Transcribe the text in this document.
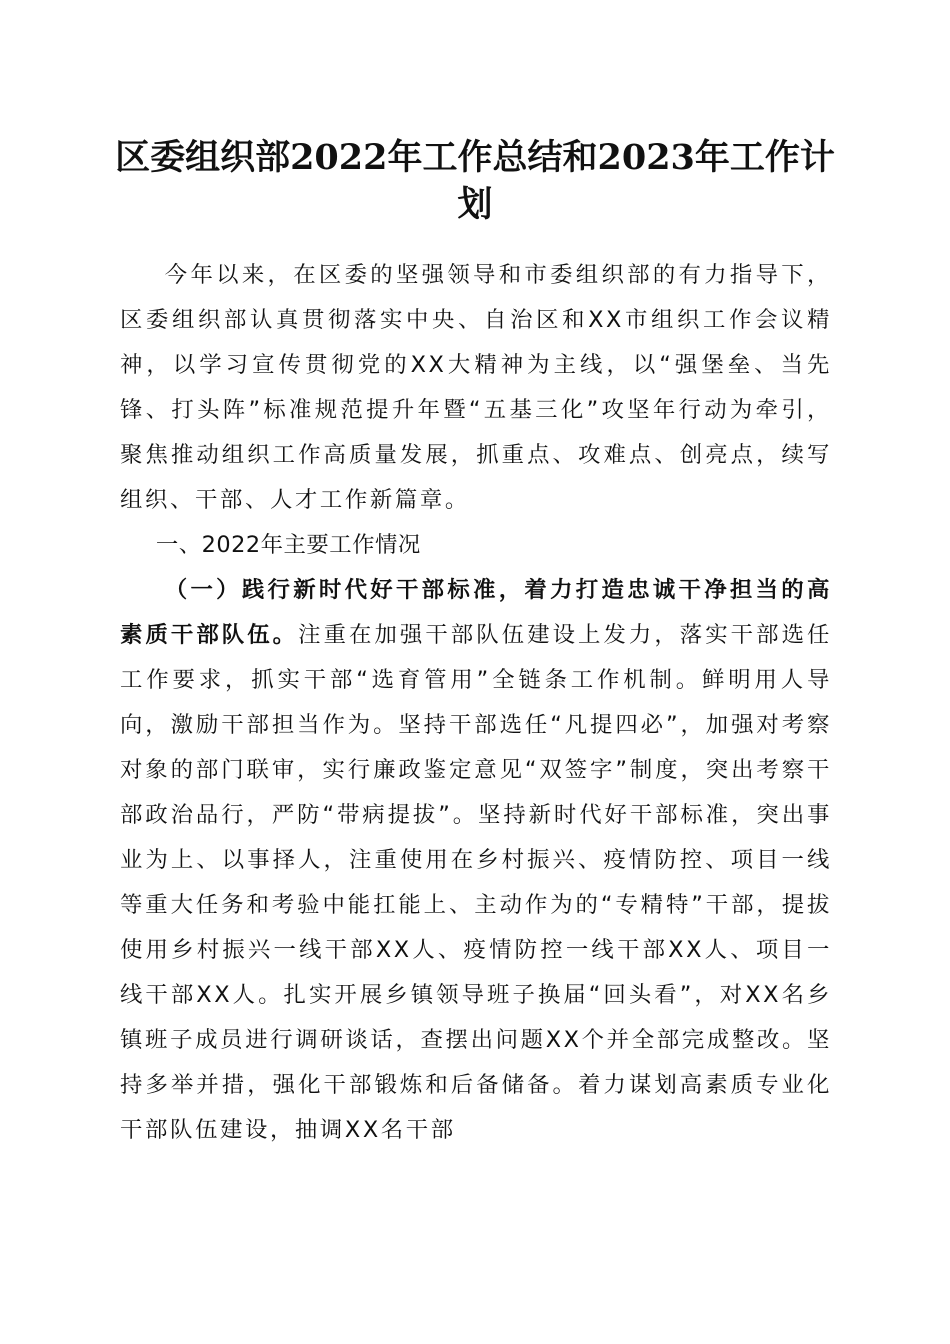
区委组织部2022年工作总结和2023年工作计划

今年以来，在区委的坚强领导和市委组织部的有力指导下，区委组织部认真贯彻落实中央、自治区和XX市组织工作会议精神，以学习宣传贯彻党的XX大精神为主线，以“强堡垒、当先锋、打头阵”标准规范提升年暨“五基三化”攻坚年行动为牵引，聚焦推动组织工作高质量发展，抓重点、攻难点、创亮点，续写组织、干部、人才工作新篇章。

一、2022年主要工作情况

（一）践行新时代好干部标准，着力打造忠诚干净担当的高素质干部队伍。注重在加强干部队伍建设上发力，落实干部选任工作要求，抓实干部“选育管用”全链条工作机制。鲜明用人导向，激励干部担当作为。坚持干部选任“凡提四必”，加强对考察对象的部门联审，实行廉政鉴定意见“双签字”制度，突出考察干部政治品行，严防“带病提拔”。坚持新时代好干部标准，突出事业为上、以事择人，注重使用在乡村振兴、疫情防控、项目一线等重大任务和考验中能扛能上、主动作为的“专精特”干部，提拔使用乡村振兴一线干部XX人、疫情防控一线干部XX人、项目一线干部XX人。扎实开展乡镇领导班子换届“回头看”，对XX名乡镇班子成员进行调研谈话，查摆出问题XX个并全部完成整改。坚持多举并措，强化干部锻炼和后备储备。着力谋划高素质专业化干部队伍建设，抽调XX名干部
